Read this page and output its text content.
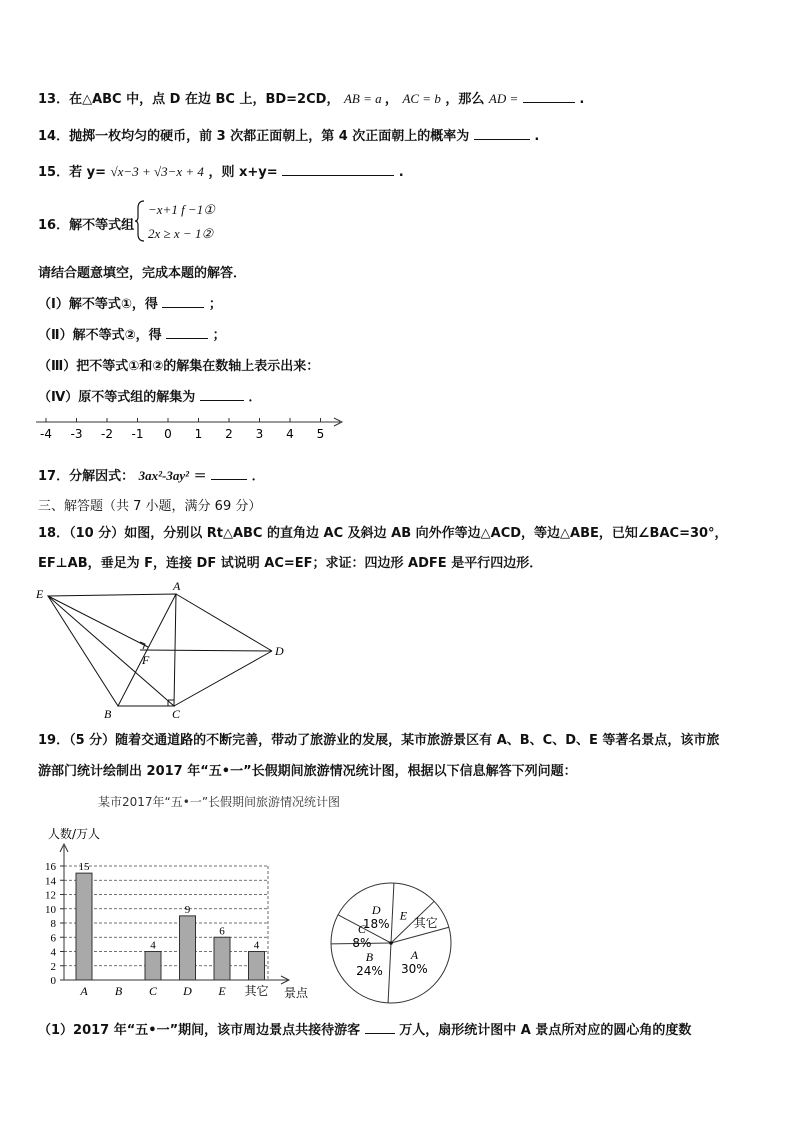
13．在△ABC 中，点 D 在边 BC 上，BD=2CD， AB = a ， AC = b ，那么 AD =	.
14．抛掷一枚均匀的硬币，前 3 次都正面朝上，第 4 次正面朝上的概率为	.
15．若 y= √x−3 + √3−x + 4 ，则 x+y=	.
16．解不等式组
−x+1 f −1①
2x ≥ x − 1②
请结合题意填空，完成本题的解答．
（Ⅰ）解不等式①，得	；
（Ⅱ）解不等式②，得	；
（Ⅲ）把不等式①和②的解集在数轴上表示出来：
（Ⅳ）原不等式组的解集为	．
-4 -3 -2 -1 0 1 2 3 4 5
17．分解因式： 3ax²-3ay² ＝	．
三、解答题（共 7 小题，满分 69 分）
18．（10 分）如图，分别以 Rt△ABC 的直角边 AC 及斜边 AB 向外作等边△ACD，等边△ABE，已知∠BAC=30°，
EF⊥AB，垂足为 F，连接 DF 试说明 AC=EF；求证：四边形 ADFE 是平行四边形．
A
E
F
D
B	C
19．（5 分）随着交通道路的不断完善，带动了旅游业的发展，某市旅游景区有 A、B、C、D、E 等著名景点，该市旅
游部门统计绘制出 2017 年“五•一”长假期间旅游情况统计图，根据以下信息解答下列问题：
某市2017年“五•一”长假期间旅游情况统计图
人数/万人
0
2
4
6
8
10
12
14
16
景点
15
A B
4
C
9
D
6
E
4
其它
D
18%
E
其它
A
30%
B
24%
C
8%
（1）2017 年“五•一”期间，该市周边景点共接待游客	万人，扇形统计图中 A 景点所对应的圆心角的度数
